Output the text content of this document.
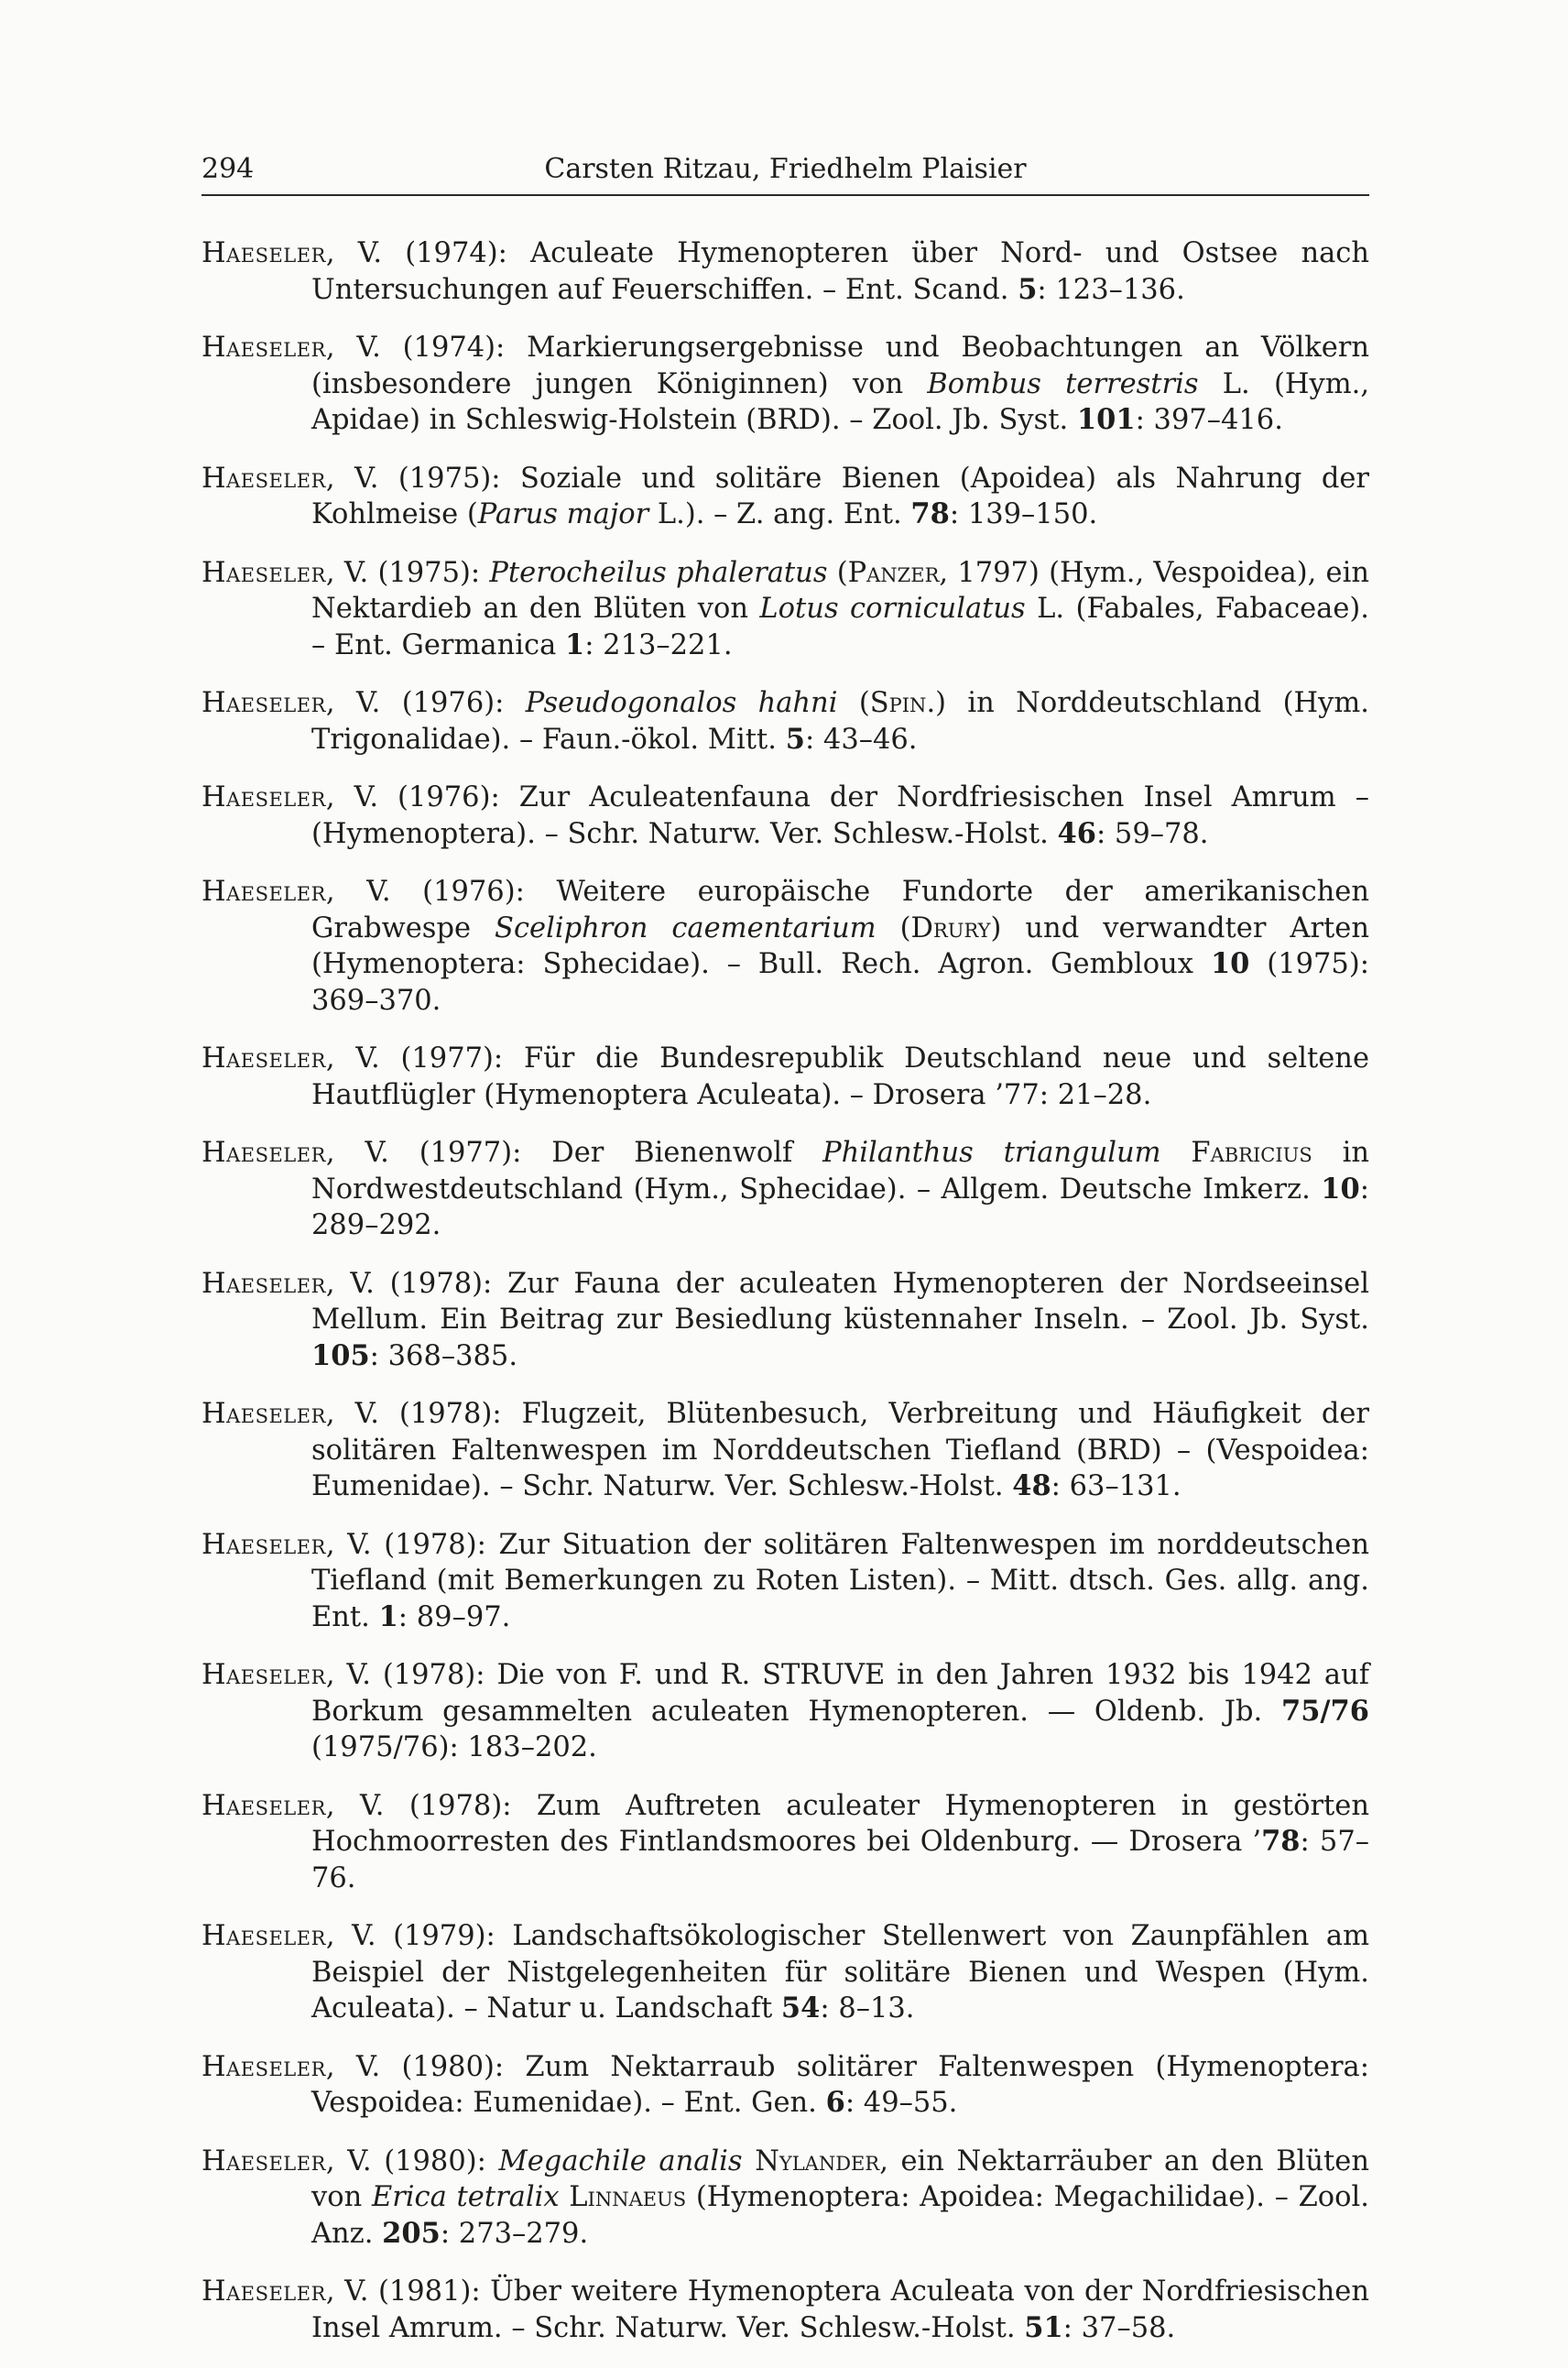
294	Carsten Ritzau, Friedhelm Plaisier

Haeseler, V. (1974): Aculeate Hymenopteren über Nord- und Ostsee nach Untersuchungen auf Feuerschiffen. – Ent. Scand. 5: 123–136.

Haeseler, V. (1974): Markierungsergebnisse und Beobachtungen an Völkern (insbesondere jungen Königinnen) von Bombus terrestris L. (Hym., Apidae) in Schleswig-Holstein (BRD). – Zool. Jb. Syst. 101: 397–416.

Haeseler, V. (1975): Soziale und solitäre Bienen (Apoidea) als Nahrung der Kohlmeise (Parus major L.). – Z. ang. Ent. 78: 139–150.

Haeseler, V. (1975): Pterocheilus phaleratus (Panzer, 1797) (Hym., Vespoidea), ein Nektardieb an den Blüten von Lotus corniculatus L. (Fabales, Fabaceae). – Ent. Germanica 1: 213–221.

Haeseler, V. (1976): Pseudogonalos hahni (Spin.) in Norddeutschland (Hym. Trigonalidae). – Faun.-ökol. Mitt. 5: 43–46.

Haeseler, V. (1976): Zur Aculeatenfauna der Nordfriesischen Insel Amrum – (Hymenoptera). – Schr. Naturw. Ver. Schlesw.-Holst. 46: 59–78.

Haeseler, V. (1976): Weitere europäische Fundorte der amerikanischen Grabwespe Sceliphron caementarium (Drury) und verwandter Arten (Hymenoptera: Sphecidae). – Bull. Rech. Agron. Gembloux 10 (1975): 369–370.

Haeseler, V. (1977): Für die Bundesrepublik Deutschland neue und seltene Hautflügler (Hymenoptera Aculeata). – Drosera ’77: 21–28.

Haeseler, V. (1977): Der Bienenwolf Philanthus triangulum Fabricius in Nordwestdeutschland (Hym., Sphecidae). – Allgem. Deutsche Imkerz. 10: 289–292.

Haeseler, V. (1978): Zur Fauna der aculeaten Hymenopteren der Nordseeinsel Mellum. Ein Beitrag zur Besiedlung küstennaher Inseln. – Zool. Jb. Syst. 105: 368–385.

Haeseler, V. (1978): Flugzeit, Blütenbesuch, Verbreitung und Häufigkeit der solitären Faltenwespen im Norddeutschen Tiefland (BRD) – (Vespoidea: Eumenidae). – Schr. Naturw. Ver. Schlesw.-Holst. 48: 63–131.

Haeseler, V. (1978): Zur Situation der solitären Faltenwespen im norddeutschen Tiefland (mit Bemerkungen zu Roten Listen). – Mitt. dtsch. Ges. allg. ang. Ent. 1: 89–97.

Haeseler, V. (1978): Die von F. und R. STRUVE in den Jahren 1932 bis 1942 auf Borkum gesammelten aculeaten Hymenopteren. — Oldenb. Jb. 75/76 (1975/76): 183–202.

Haeseler, V. (1978): Zum Auftreten aculeater Hymenopteren in gestörten Hochmoorresten des Fintlandsmoores bei Oldenburg. — Drosera ’78: 57–76.

Haeseler, V. (1979): Landschaftsökologischer Stellenwert von Zaunpfählen am Beispiel der Nistgelegenheiten für solitäre Bienen und Wespen (Hym. Aculeata). – Natur u. Landschaft 54: 8–13.

Haeseler, V. (1980): Zum Nektarraub solitärer Faltenwespen (Hymenoptera: Vespoidea: Eumenidae). – Ent. Gen. 6: 49–55.

Haeseler, V. (1980): Megachile analis Nylander, ein Nektarräuber an den Blüten von Erica tetralix Linnaeus (Hymenoptera: Apoidea: Megachilidae). – Zool. Anz. 205: 273–279.

Haeseler, V. (1981): Über weitere Hymenoptera Aculeata von der Nordfriesischen Insel Amrum. – Schr. Naturw. Ver. Schlesw.-Holst. 51: 37–58.
